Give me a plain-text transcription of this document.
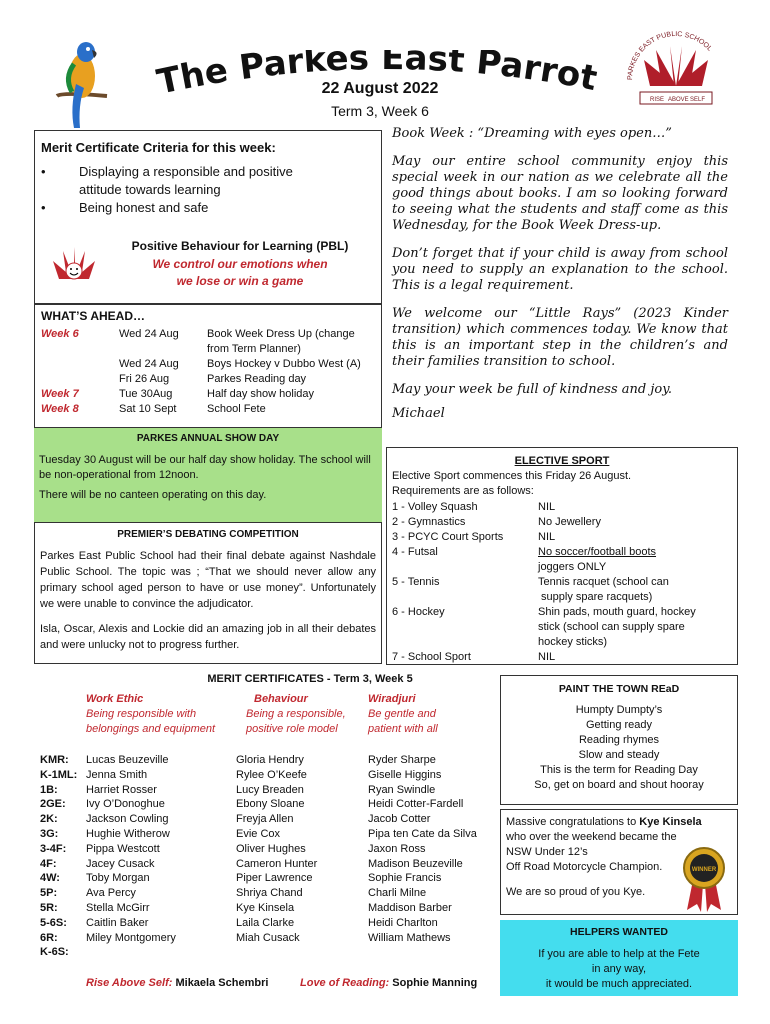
The Parkes East Parrot	PARKES EAST PUBLIC SCHOOL
RISE ABOVE SELF
22 August 2022
Term 3, Week 6
Merit Certificate Criteria for this week:
•	Displaying a responsible and positive attitude towards learning
•	Being honest and safe
Positive Behaviour for Learning (PBL)
We control our emotions when
we lose or win a game
WHAT’S AHEAD…
Week 6	Wed 24 Aug	Book Week Dress Up (change
from Term Planner)
Wed 24 Aug	Boys Hockey v Dubbo West (A)
Fri 26 Aug	Parkes Reading day
Week 7	Tue 30Aug	Half day show holiday
Week 8	Sat 10 Sept	School Fete
PARKES ANNUAL SHOW DAY
Tuesday 30 August will be our half day show holiday. The school will be non-operational from 12noon.
There will be no canteen operating on this day.
PREMIER’S DEBATING COMPETITION
Parkes East Public School had their final debate against Nashdale Public School. The topic was ; “That we should never allow any primary school aged person to have or use money”. Unfortunately we were unable to convince the adjudicator.
Isla, Oscar, Alexis and Lockie did an amazing job in all their debates and were unlucky not to progress further.
Book Week : “Dreaming with eyes open…”
May our entire school community enjoy this special week in our nation as we celebrate all the good things about books. I am so looking forward to seeing what the students and staff come as this Wednesday, for the Book Week Dress-up.
Don’t forget that if your child is away from school you need to supply an explanation to the school. This is a legal requirement.
We welcome our “Little Rays” (2023 Kinder transition) which commences today. We know that this is an important step in the children’s and their families transition to school.
May your week be full of kindness and joy.
Michael
ELECTIVE SPORT
Elective Sport commences this Friday 26 August.
Requirements are as follows:
1 - Volley Squash	NIL
2 - Gymnastics	No Jewellery
3 - PCYC Court Sports	NIL
4 - Futsal	No soccer/football boots
joggers ONLY
5 - Tennis	Tennis racquet (school can
supply spare racquets)
6 - Hockey	Shin pads, mouth guard, hockey
stick (school can supply spare
hockey sticks)
7 - School Sport	NIL
MERIT CERTIFICATES - Term 3, Week 5
Work Ethic
Being responsible with
belongings and equipment
Behaviour
Being a responsible,
positive role model
Wiradjuri
Be gentle and
patient with all
KMR:	Lucas Beuzeville	Gloria Hendry	Ryder Sharpe
K-1ML: Jenna Smith	Rylee O’Keefe	Giselle Higgins
1B:	Harriet Rosser	Lucy Breaden	Ryan Swindle
2GE:	Ivy O’Donoghue	Ebony Sloane	Heidi Cotter-Fardell
2K:	Jackson Cowling	Freyja Allen	Jacob Cotter
3G:	Hughie Witherow	Evie Cox	Pipa ten Cate da Silva
3-4F:	Pippa Westcott	Oliver Hughes	Jaxon Ross
4F:	Jacey Cusack	Cameron Hunter	Madison Beuzeville
4W:	Toby Morgan	Piper Lawrence	Sophie Francis
5P:	Ava Percy	Shriya Chand	Charli Milne
5R:	Stella McGirr	Kye Kinsela	Maddison Barber
5-6S:	Caitlin Baker	Laila Clarke	Heidi Charlton
6R:	Miley Montgomery	Miah Cusack	William Mathews
K-6S:
Rise Above Self: Mikaela Schembri	Love of Reading: Sophie Manning
PAINT THE TOWN REaD
Humpty Dumpty’s
Getting ready
Reading rhymes
Slow and steady
This is the term for Reading Day
So, get on board and shout hooray
Massive congratulations to Kye Kinsela
who over the weekend became the
NSW Under 12’s
Off Road Motorcycle Champion.
We are so proud of you Kye.
WINNER
HELPERS WANTED
If you are able to help at the Fete
in any way,
it would be much appreciated.
